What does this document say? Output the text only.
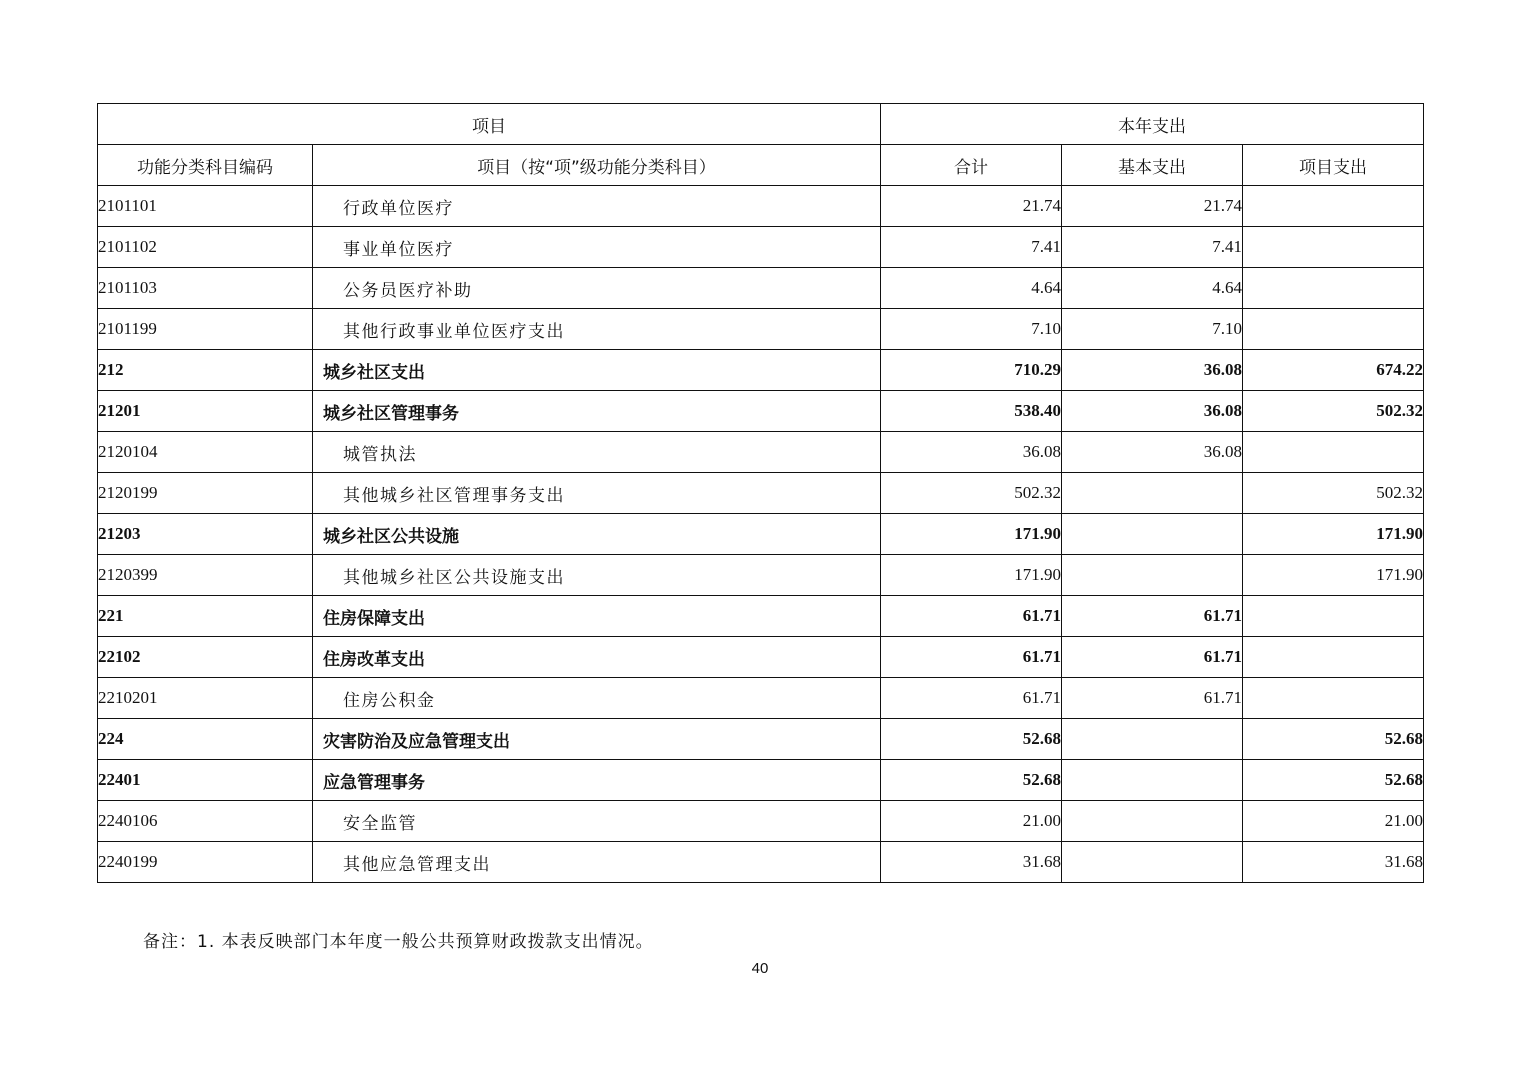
项目		本年支出		
功能分类科目编码	项目（按“项”级功能分类科目）	合计	基本支出	项目支出
2101101	行政单位医疗	21.74	21.74	
2101102	事业单位医疗	7.41	7.41	
2101103	公务员医疗补助	4.64	4.64	
2101199	其他行政事业单位医疗支出	7.10	7.10	
212	城乡社区支出	710.29	36.08	674.22
21201	城乡社区管理事务	538.40	36.08	502.32
2120104	城管执法	36.08	36.08	
2120199	其他城乡社区管理事务支出	502.32		502.32
21203	城乡社区公共设施	171.90		171.90
2120399	其他城乡社区公共设施支出	171.90		171.90
221	住房保障支出	61.71	61.71	
22102	住房改革支出	61.71	61.71	
2210201	住房公积金	61.71	61.71	
224	灾害防治及应急管理支出	52.68		52.68
22401	应急管理事务	52.68		52.68
2240106	安全监管	21.00		21.00
2240199	其他应急管理支出	31.68		31.68
备注：1. 本表反映部门本年度一般公共预算财政拨款支出情况。
40
